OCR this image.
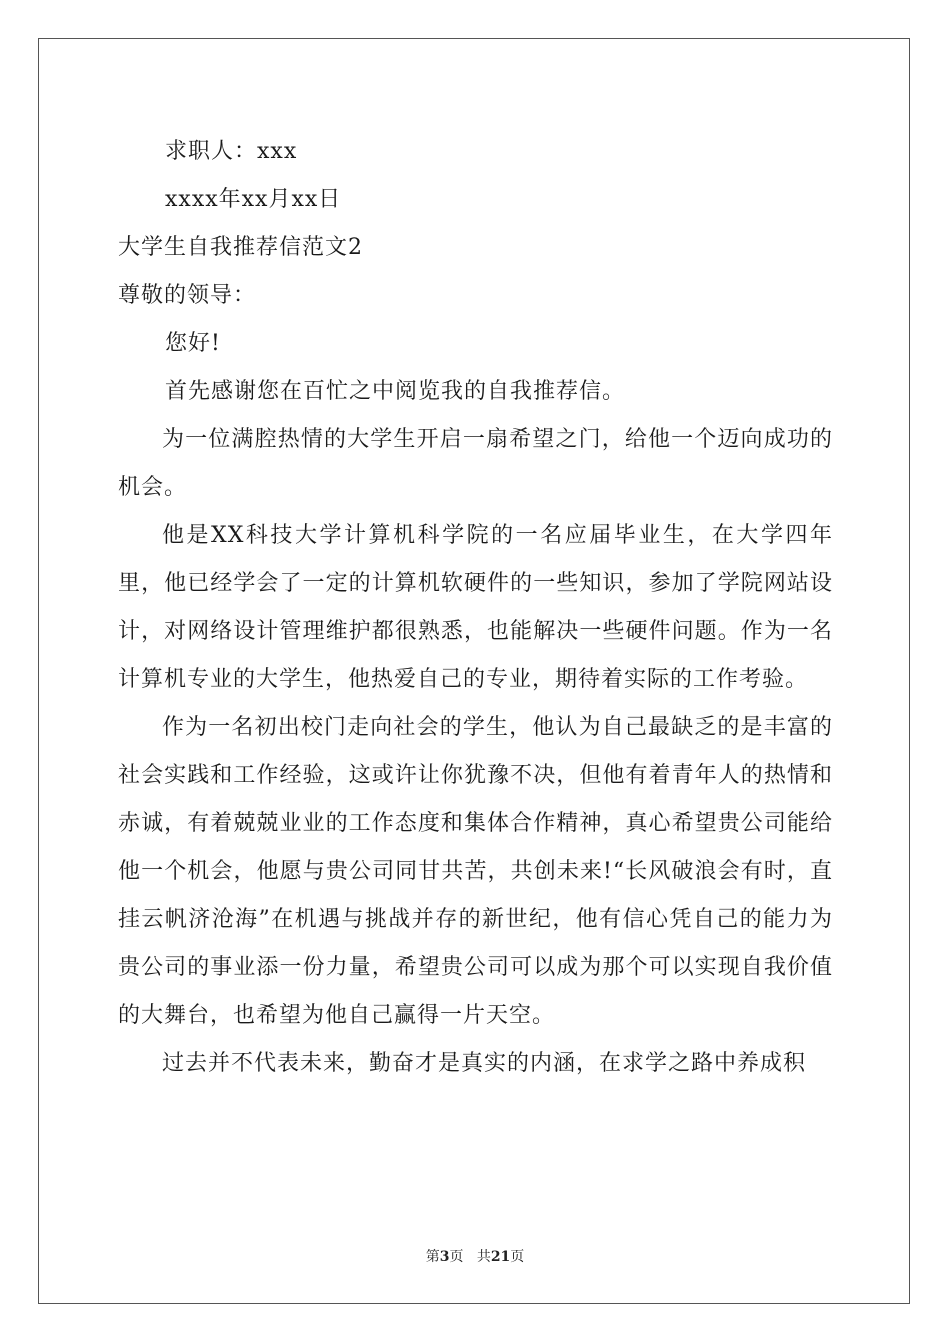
求职人：xxx
xxxx年xx月xx日
大学生自我推荐信范文2
尊敬的领导：
您好!
首先感谢您在百忙之中阅览我的自我推荐信。

为一位满腔热情的大学生开启一扇希望之门，给他一个迈向成功的机会。

他是XX科技大学计算机科学院的一名应届毕业生，在大学四年里，他已经学会了一定的计算机软硬件的一些知识，参加了学院网站设计，对网络设计管理维护都很熟悉，也能解决一些硬件问题。作为一名计算机专业的大学生，他热爱自己的专业，期待着实际的工作考验。

作为一名初出校门走向社会的学生，他认为自己最缺乏的是丰富的社会实践和工作经验，这或许让你犹豫不决，但他有着青年人的热情和赤诚，有着兢兢业业的工作态度和集体合作精神，真心希望贵公司能给他一个机会，他愿与贵公司同甘共苦，共创未来!“长风破浪会有时，直挂云帆济沧海”在机遇与挑战并存的新世纪，他有信心凭自己的能力为贵公司的事业添一份力量，希望贵公司可以成为那个可以实现自我价值的大舞台，也希望为他自己赢得一片天空。

过去并不代表未来，勤奋才是真实的内涵，在求学之路中养成积

第3页 共21页
